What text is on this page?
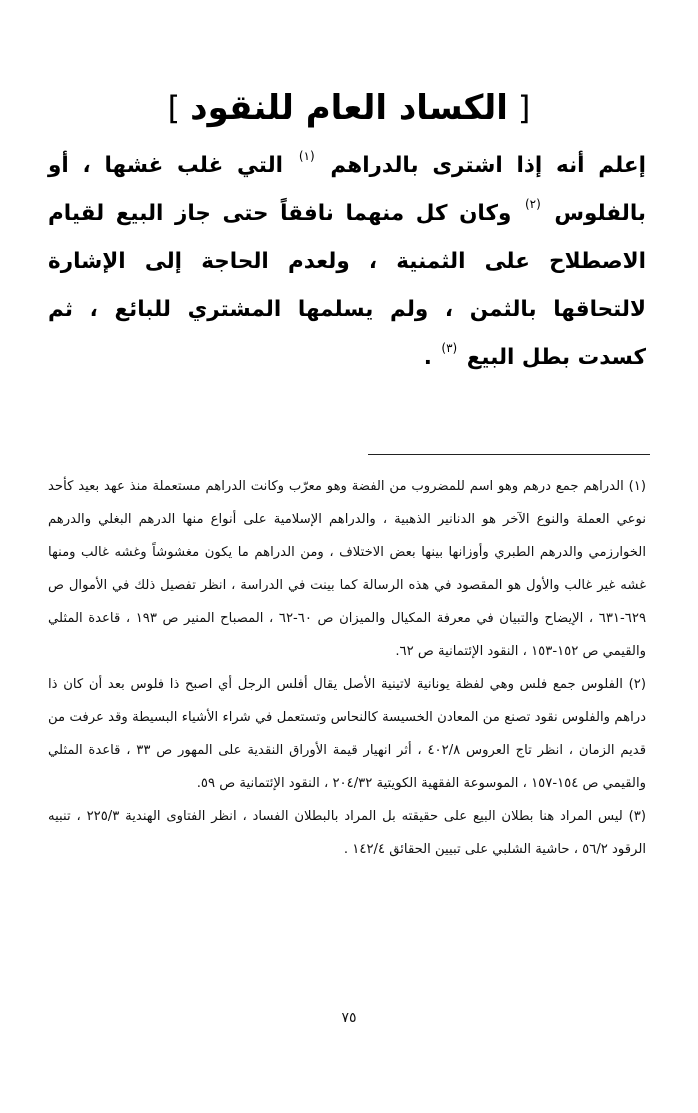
[الكساد العام للنقود]

إعلم أنه إذا اشترى بالدراهم $^{(١)}$ التي غلب غشها ، أو بالفلوس $^{(٢)}$ وكان كل منهما نافقاً حتى جاز البيع لقيام الاصطلاح على الثمنية ، ولعدم الحاجة إلى الإشارة لالتحاقها بالثمن ، ولم يسلمها المشتري للبائع ، ثم كسدت بطل البيع $^{(٣)}$ .

(١) الدراهم جمع درهم وهو اسم للمضروب من الفضة وهو معرّب وكانت الدراهم مستعملة منذ عهد بعيد كأحد نوعي العملة والنوع الآخر هو الدنانير الذهبية ، والدراهم الإسلامية على أنواع منها الدرهم البغلي والدرهم الخوارزمي والدرهم الطبري وأوزانها بينها بعض الاختلاف ، ومن الدراهم ما يكون مغشوشاً وغشه غالب ومنها غشه غير غالب والأول هو المقصود في هذه الرسالة كما بينت في الدراسة ، انظر تفصيل ذلك في الأموال ص ٦٢٩-٦٣١ ، الإيضاح والتبيان في معرفة المكيال والميزان ص ٦٠-٦٢ ، المصباح المنير ص ١٩٣ ، قاعدة المثلي والقيمي ص ١٥٢-١٥٣ ، النقود الإئتمانية ص ٦٢.

(٢) الفلوس جمع فلس وهي لفظة يونانية لاتينية الأصل يقال أفلس الرجل أي اصبح ذا فلوس بعد أن كان ذا دراهم والفلوس نقود تصنع من المعادن الخسيسة كالنحاس وتستعمل في شراء الأشياء البسيطة وقد عرفت من قديم الزمان ، انظر تاج العروس ٤٠٢/٨ ، أثر انهيار قيمة الأوراق النقدية على المهور ص ٣٣ ، قاعدة المثلي والقيمي ص ١٥٤-١٥٧ ، الموسوعة الفقهية الكويتية ٢٠٤/٣٢ ، النقود الإئتمانية ص ٥٩.

(٣) ليس المراد هنا بطلان البيع على حقيقته بل المراد بالبطلان الفساد ، انظر الفتاوى الهندية ٢٢٥/٣ ، تنبيه الرقود ٥٦/٢ ، حاشية الشلبي على تبيين الحقائق ١٤٢/٤ .

٧٥
